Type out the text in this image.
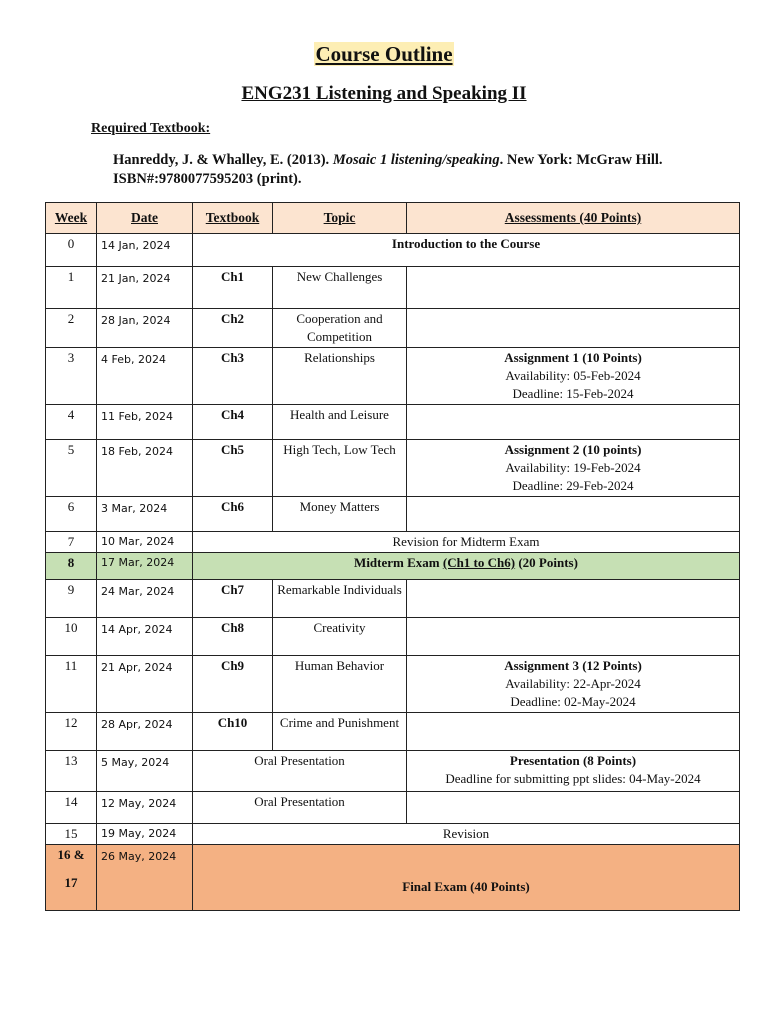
Course Outline
ENG231 Listening and Speaking II
Required Textbook:
Hanreddy, J. & Whalley, E. (2013). Mosaic 1 listening/speaking. New York: McGraw Hill. ISBN#:9780077595203 (print).
Week	Date	Textbook	Topic	Assessments (40 Points)
0	14 Jan, 2024	Introduction to the Course		
1	21 Jan, 2024	Ch1	New Challenges	
2	28 Jan, 2024	Ch2	Cooperation and Competition	
3	4 Feb, 2024	Ch3	Relationships	Assignment 1 (10 Points)
Availability: 05-Feb-2024
Deadline: 15-Feb-2024

4	11 Feb, 2024	Ch4	Health and Leisure	
5	18 Feb, 2024	Ch5	High Tech, Low Tech	Assignment 2 (10 points)
Availability: 19-Feb-2024
Deadline: 29-Feb-2024

6	3 Mar, 2024	Ch6	Money Matters	
7	10 Mar, 2024	Revision for Midterm Exam		
8	17 Mar, 2024	Midterm Exam (Ch1 to Ch6) (20 Points)		
9	24 Mar, 2024	Ch7	Remarkable Individuals	
10	14 Apr, 2024	Ch8	Creativity	
11	21 Apr, 2024	Ch9	Human Behavior	Assignment 3 (12 Points)
Availability: 22-Apr-2024
Deadline: 02-May-2024

12	28 Apr, 2024	Ch10	Crime and Punishment	
13	5 May, 2024	Oral Presentation		Presentation (8 Points)
Deadline for submitting ppt slides: 04-May-2024

14	12 May, 2024	Oral Presentation		
15	19 May, 2024	Revision		

16 &
17	26 May, 2024	Final Exam (40 Points)		
